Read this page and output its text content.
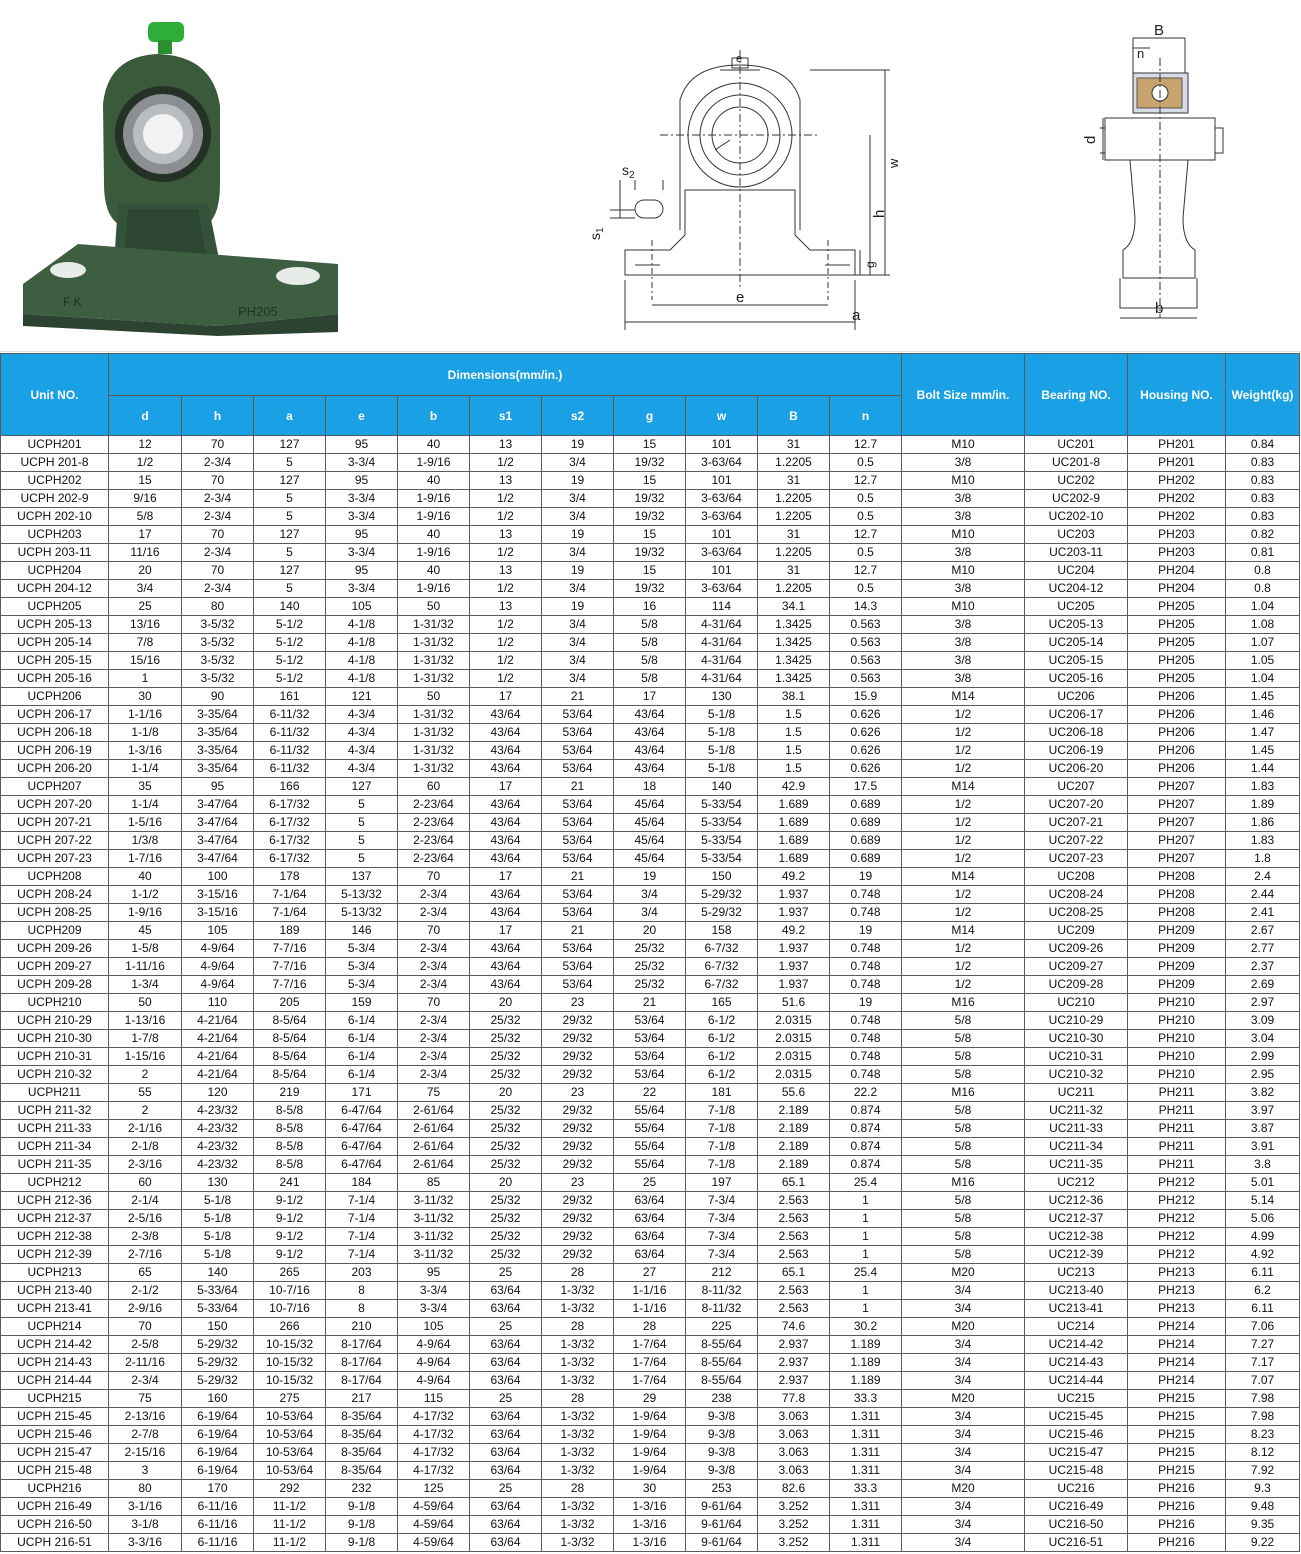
F K
PH205
$s_2$
$s_1$
e
e
a
w
h
g
B
n
d
b
Unit NO.	Dimensions(mm/in.)											Bolt Size mm/in.	Bearing NO.	Housing NO.	Weight(kg)
	d	h	a	e	b	s1	s2	g	w	B	n				
UCPH201	12	70	127	95	40	13	19	15	101	31	12.7	M10	UC201	PH201	0.84
UCPH 201-8	1/2	2-3/4	5	3-3/4	1-9/16	1/2	3/4	19/32	3-63/64	1.2205	0.5	3/8	UC201-8	PH201	0.83
UCPH202	15	70	127	95	40	13	19	15	101	31	12.7	M10	UC202	PH202	0.83
UCPH 202-9	9/16	2-3/4	5	3-3/4	1-9/16	1/2	3/4	19/32	3-63/64	1.2205	0.5	3/8	UC202-9	PH202	0.83
UCPH 202-10	5/8	2-3/4	5	3-3/4	1-9/16	1/2	3/4	19/32	3-63/64	1.2205	0.5	3/8	UC202-10	PH202	0.83
UCPH203	17	70	127	95	40	13	19	15	101	31	12.7	M10	UC203	PH203	0.82
UCPH 203-11	11/16	2-3/4	5	3-3/4	1-9/16	1/2	3/4	19/32	3-63/64	1.2205	0.5	3/8	UC203-11	PH203	0.81
UCPH204	20	70	127	95	40	13	19	15	101	31	12.7	M10	UC204	PH204	0.8
UCPH 204-12	3/4	2-3/4	5	3-3/4	1-9/16	1/2	3/4	19/32	3-63/64	1.2205	0.5	3/8	UC204-12	PH204	0.8
UCPH205	25	80	140	105	50	13	19	16	114	34.1	14.3	M10	UC205	PH205	1.04
UCPH 205-13	13/16	3-5/32	5-1/2	4-1/8	1-31/32	1/2	3/4	5/8	4-31/64	1.3425	0.563	3/8	UC205-13	PH205	1.08
UCPH 205-14	7/8	3-5/32	5-1/2	4-1/8	1-31/32	1/2	3/4	5/8	4-31/64	1.3425	0.563	3/8	UC205-14	PH205	1.07
UCPH 205-15	15/16	3-5/32	5-1/2	4-1/8	1-31/32	1/2	3/4	5/8	4-31/64	1.3425	0.563	3/8	UC205-15	PH205	1.05
UCPH 205-16	1	3-5/32	5-1/2	4-1/8	1-31/32	1/2	3/4	5/8	4-31/64	1.3425	0.563	3/8	UC205-16	PH205	1.04
UCPH206	30	90	161	121	50	17	21	17	130	38.1	15.9	M14	UC206	PH206	1.45
UCPH 206-17	1-1/16	3-35/64	6-11/32	4-3/4	1-31/32	43/64	53/64	43/64	5-1/8	1.5	0.626	1/2	UC206-17	PH206	1.46
UCPH 206-18	1-1/8	3-35/64	6-11/32	4-3/4	1-31/32	43/64	53/64	43/64	5-1/8	1.5	0.626	1/2	UC206-18	PH206	1.47
UCPH 206-19	1-3/16	3-35/64	6-11/32	4-3/4	1-31/32	43/64	53/64	43/64	5-1/8	1.5	0.626	1/2	UC206-19	PH206	1.45
UCPH 206-20	1-1/4	3-35/64	6-11/32	4-3/4	1-31/32	43/64	53/64	43/64	5-1/8	1.5	0.626	1/2	UC206-20	PH206	1.44
UCPH207	35	95	166	127	60	17	21	18	140	42.9	17.5	M14	UC207	PH207	1.83
UCPH 207-20	1-1/4	3-47/64	6-17/32	5	2-23/64	43/64	53/64	45/64	5-33/54	1.689	0.689	1/2	UC207-20	PH207	1.89
UCPH 207-21	1-5/16	3-47/64	6-17/32	5	2-23/64	43/64	53/64	45/64	5-33/54	1.689	0.689	1/2	UC207-21	PH207	1.86
UCPH 207-22	1/3/8	3-47/64	6-17/32	5	2-23/64	43/64	53/64	45/64	5-33/54	1.689	0.689	1/2	UC207-22	PH207	1.83
UCPH 207-23	1-7/16	3-47/64	6-17/32	5	2-23/64	43/64	53/64	45/64	5-33/54	1.689	0.689	1/2	UC207-23	PH207	1.8
UCPH208	40	100	178	137	70	17	21	19	150	49.2	19	M14	UC208	PH208	2.4
UCPH 208-24	1-1/2	3-15/16	7-1/64	5-13/32	2-3/4	43/64	53/64	3/4	5-29/32	1.937	0.748	1/2	UC208-24	PH208	2.44
UCPH 208-25	1-9/16	3-15/16	7-1/64	5-13/32	2-3/4	43/64	53/64	3/4	5-29/32	1.937	0.748	1/2	UC208-25	PH208	2.41
UCPH209	45	105	189	146	70	17	21	20	158	49.2	19	M14	UC209	PH209	2.67
UCPH 209-26	1-5/8	4-9/64	7-7/16	5-3/4	2-3/4	43/64	53/64	25/32	6-7/32	1.937	0.748	1/2	UC209-26	PH209	2.77
UCPH 209-27	1-11/16	4-9/64	7-7/16	5-3/4	2-3/4	43/64	53/64	25/32	6-7/32	1.937	0.748	1/2	UC209-27	PH209	2.37
UCPH 209-28	1-3/4	4-9/64	7-7/16	5-3/4	2-3/4	43/64	53/64	25/32	6-7/32	1.937	0.748	1/2	UC209-28	PH209	2.69
UCPH210	50	110	205	159	70	20	23	21	165	51.6	19	M16	UC210	PH210	2.97
UCPH 210-29	1-13/16	4-21/64	8-5/64	6-1/4	2-3/4	25/32	29/32	53/64	6-1/2	2.0315	0.748	5/8	UC210-29	PH210	3.09
UCPH 210-30	1-7/8	4-21/64	8-5/64	6-1/4	2-3/4	25/32	29/32	53/64	6-1/2	2.0315	0.748	5/8	UC210-30	PH210	3.04
UCPH 210-31	1-15/16	4-21/64	8-5/64	6-1/4	2-3/4	25/32	29/32	53/64	6-1/2	2.0315	0.748	5/8	UC210-31	PH210	2.99
UCPH 210-32	2	4-21/64	8-5/64	6-1/4	2-3/4	25/32	29/32	53/64	6-1/2	2.0315	0.748	5/8	UC210-32	PH210	2.95
UCPH211	55	120	219	171	75	20	23	22	181	55.6	22.2	M16	UC211	PH211	3.82
UCPH 211-32	2	4-23/32	8-5/8	6-47/64	2-61/64	25/32	29/32	55/64	7-1/8	2.189	0.874	5/8	UC211-32	PH211	3.97
UCPH 211-33	2-1/16	4-23/32	8-5/8	6-47/64	2-61/64	25/32	29/32	55/64	7-1/8	2.189	0.874	5/8	UC211-33	PH211	3.87
UCPH 211-34	2-1/8	4-23/32	8-5/8	6-47/64	2-61/64	25/32	29/32	55/64	7-1/8	2.189	0.874	5/8	UC211-34	PH211	3.91
UCPH 211-35	2-3/16	4-23/32	8-5/8	6-47/64	2-61/64	25/32	29/32	55/64	7-1/8	2.189	0.874	5/8	UC211-35	PH211	3.8
UCPH212	60	130	241	184	85	20	23	25	197	65.1	25.4	M16	UC212	PH212	5.01
UCPH 212-36	2-1/4	5-1/8	9-1/2	7-1/4	3-11/32	25/32	29/32	63/64	7-3/4	2.563	1	5/8	UC212-36	PH212	5.14
UCPH 212-37	2-5/16	5-1/8	9-1/2	7-1/4	3-11/32	25/32	29/32	63/64	7-3/4	2.563	1	5/8	UC212-37	PH212	5.06
UCPH 212-38	2-3/8	5-1/8	9-1/2	7-1/4	3-11/32	25/32	29/32	63/64	7-3/4	2.563	1	5/8	UC212-38	PH212	4.99
UCPH 212-39	2-7/16	5-1/8	9-1/2	7-1/4	3-11/32	25/32	29/32	63/64	7-3/4	2.563	1	5/8	UC212-39	PH212	4.92
UCPH213	65	140	265	203	95	25	28	27	212	65.1	25.4	M20	UC213	PH213	6.11
UCPH 213-40	2-1/2	5-33/64	10-7/16	8	3-3/4	63/64	1-3/32	1-1/16	8-11/32	2.563	1	3/4	UC213-40	PH213	6.2
UCPH 213-41	2-9/16	5-33/64	10-7/16	8	3-3/4	63/64	1-3/32	1-1/16	8-11/32	2.563	1	3/4	UC213-41	PH213	6.11
UCPH214	70	150	266	210	105	25	28	28	225	74.6	30.2	M20	UC214	PH214	7.06
UCPH 214-42	2-5/8	5-29/32	10-15/32	8-17/64	4-9/64	63/64	1-3/32	1-7/64	8-55/64	2.937	1.189	3/4	UC214-42	PH214	7.27
UCPH 214-43	2-11/16	5-29/32	10-15/32	8-17/64	4-9/64	63/64	1-3/32	1-7/64	8-55/64	2.937	1.189	3/4	UC214-43	PH214	7.17
UCPH 214-44	2-3/4	5-29/32	10-15/32	8-17/64	4-9/64	63/64	1-3/32	1-7/64	8-55/64	2.937	1.189	3/4	UC214-44	PH214	7.07
UCPH215	75	160	275	217	115	25	28	29	238	77.8	33.3	M20	UC215	PH215	7.98
UCPH 215-45	2-13/16	6-19/64	10-53/64	8-35/64	4-17/32	63/64	1-3/32	1-9/64	9-3/8	3.063	1.311	3/4	UC215-45	PH215	7.98
UCPH 215-46	2-7/8	6-19/64	10-53/64	8-35/64	4-17/32	63/64	1-3/32	1-9/64	9-3/8	3.063	1.311	3/4	UC215-46	PH215	8.23
UCPH 215-47	2-15/16	6-19/64	10-53/64	8-35/64	4-17/32	63/64	1-3/32	1-9/64	9-3/8	3.063	1.311	3/4	UC215-47	PH215	8.12
UCPH 215-48	3	6-19/64	10-53/64	8-35/64	4-17/32	63/64	1-3/32	1-9/64	9-3/8	3.063	1.311	3/4	UC215-48	PH215	7.92
UCPH216	80	170	292	232	125	25	28	30	253	82.6	33.3	M20	UC216	PH216	9.3
UCPH 216-49	3-1/16	6-11/16	11-1/2	9-1/8	4-59/64	63/64	1-3/32	1-3/16	9-61/64	3.252	1.311	3/4	UC216-49	PH216	9.48
UCPH 216-50	3-1/8	6-11/16	11-1/2	9-1/8	4-59/64	63/64	1-3/32	1-3/16	9-61/64	3.252	1.311	3/4	UC216-50	PH216	9.35
UCPH 216-51	3-3/16	6-11/16	11-1/2	9-1/8	4-59/64	63/64	1-3/32	1-3/16	9-61/64	3.252	1.311	3/4	UC216-51	PH216	9.22
